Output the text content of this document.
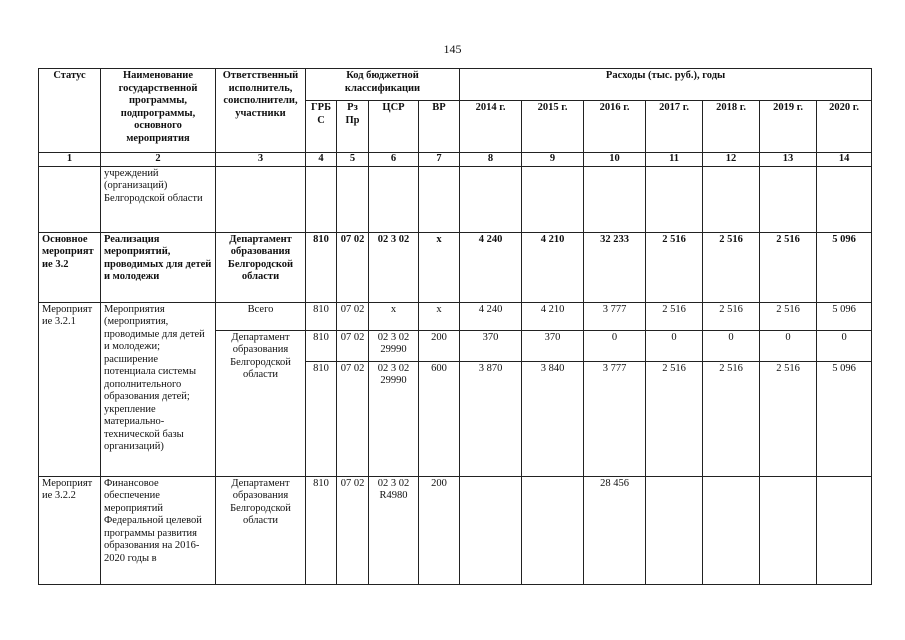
145
Статус	Наименование государственной программы, подпрограммы, основного мероприятия	Ответственный исполнитель, соисполнители, участники	Код бюджетной классификации				Расходы (тыс. руб.), годы						
			ГРБ С	Рз Пр	ЦСР	ВР	2014 г.	2015 г.	2016 г.	2017 г.	2018 г.	2019 г.	2020 г.
1	2	3	4	5	6	7	8	9	10	11	12	13	14
	учреждений (организаций) Белгородской области												
Основное мероприятие 3.2	Реализация мероприятий, проводимых для детей и молодежи	Департамент образования Белгородской области	810	07 02	02 3 02	х	4 240	4 210	32 233	2 516	2 516	2 516	5 096
Мероприятие 3.2.1	Мероприятия (мероприятия, проводимые для детей и молодежи; расширение потенциала системы дополнительного образования детей; укрепление материально-технической базы организаций)	Всего	810	07 02	х	х	4 240	4 210	3 777	2 516	2 516	2 516	5 096
		Департамент образования Белгородской области	810	07 02	02 3 02 29990	200	370	370	0	0	0	0	0
			810	07 02	02 3 02 29990	600	3 870	3 840	3 777	2 516	2 516	2 516	5 096
Мероприятие 3.2.2	Финансовое обеспечение мероприятий Федеральной целевой программы развития образования на 2016-2020 годы в	Департамент образования Белгородской области	810	07 02	02 3 02 R4980	200			28 456				
